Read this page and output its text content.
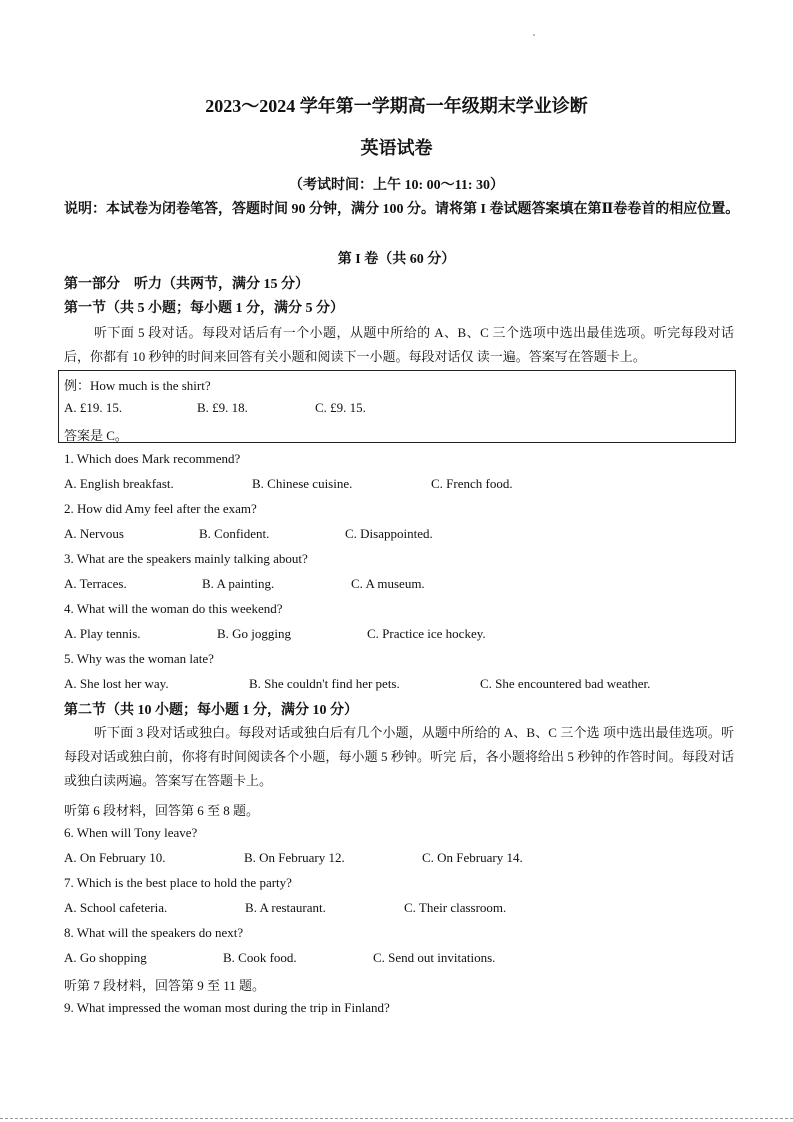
2023～2024 学年第一学期高一年级期末学业诊断
英语试卷
（考试时间：上午 10: 00～11: 30）
说明：本试卷为闭卷笔答，答题时间 90 分钟，满分 100 分。请将第 I 卷试题答案填在第Ⅱ卷卷首的相应位置。
第 I 卷（共 60 分）
第一部分　听力（共两节，满分 15 分）
第一节（共 5 小题；每小题 1 分，满分 5 分）
听下面 5 段对话。每段对话后有一个小题，从题中所给的 A、B、C 三个选项中选出最佳选项。听完每段对话后，你都有 10 秒钟的时间来回答有关小题和阅读下一小题。每段对话仅 读一遍。答案写在答题卡上。
例：How much is the shirt?
A. £19. 15.	B. £9. 18.	C. £9. 15.
答案是 C。
1. Which does Mark recommend?
A. English breakfast.	B. Chinese cuisine.	C. French food.
2. How did Amy feel after the exam?
A. Nervous	B. Confident.	C. Disappointed.
3. What are the speakers mainly talking about?
A. Terraces.	B. A painting.	C. A museum.
4. What will the woman do this weekend?
A. Play tennis.	B. Go jogging	C. Practice ice hockey.
5. Why was the woman late?
A. She lost her way.	B. She couldn't find her pets.	C. She encountered bad weather.
第二节（共 10 小题；每小题 1 分，满分 10 分）
听下面 3 段对话或独白。每段对话或独白后有几个小题，从题中所给的 A、B、C 三个选 项中选出最佳选项。听每段对话或独白前，你将有时间阅读各个小题，每小题 5 秒钟。听完 后，各小题将给出 5 秒钟的作答时间。每段对话或独白读两遍。答案写在答题卡上。
听第 6 段材料，回答第 6 至 8 题。
6. When will Tony leave?
A. On February 10.	B. On February 12.	C. On February 14.
7. Which is the best place to hold the party?
A. School cafeteria.	B. A restaurant.	C. Their classroom.
8. What will the speakers do next?
A. Go shopping	B. Cook food.	C. Send out invitations.
听第 7 段材料，回答第 9 至 11 题。
9. What impressed the woman most during the trip in Finland?
